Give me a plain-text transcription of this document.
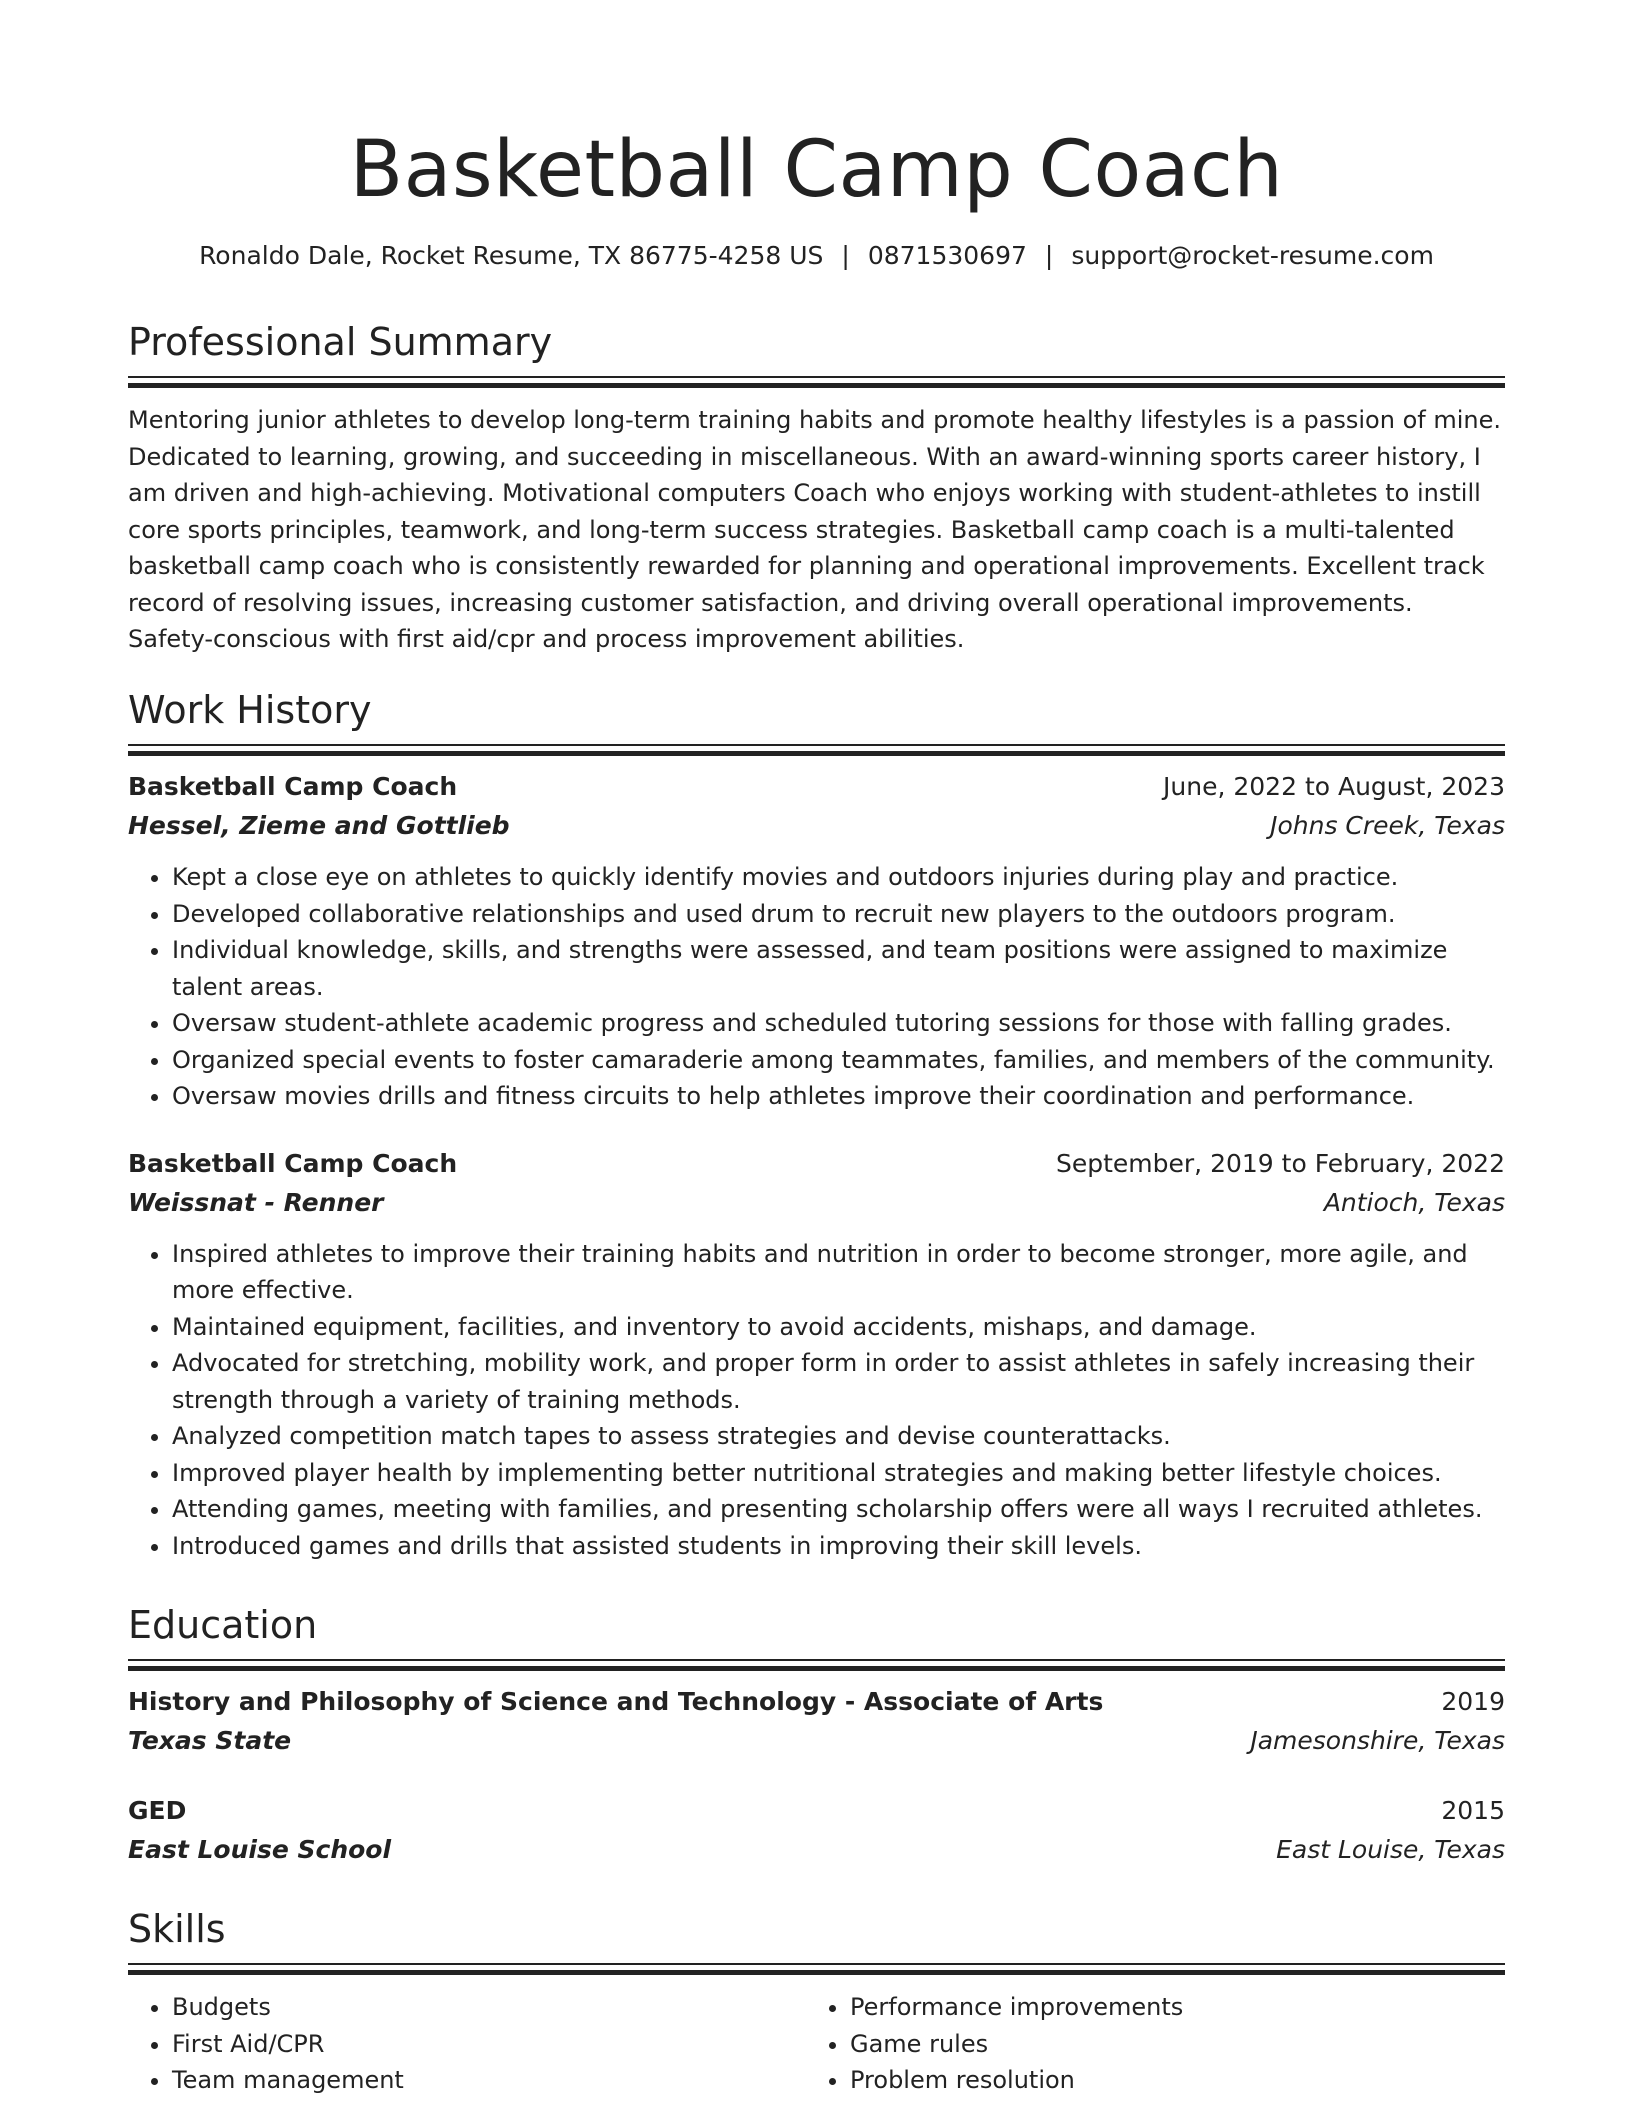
Basketball Camp Coach
Ronaldo Dale, Rocket Resume, TX 86775-4258 US | 0871530697 | support@rocket-resume.com
Professional Summary
Mentoring junior athletes to develop long-term training habits and promote healthy lifestyles is a passion of mine. Dedicated to learning, growing, and succeeding in miscellaneous. With an award-winning sports career history, I am driven and high-achieving. Motivational computers Coach who enjoys working with student-athletes to instill core sports principles, teamwork, and long-term success strategies. Basketball camp coach is a multi-talented basketball camp coach who is consistently rewarded for planning and operational improvements. Excellent track record of resolving issues, increasing customer satisfaction, and driving overall operational improvements. Safety-conscious with first aid/cpr and process improvement abilities.
Work History
Basketball Camp Coach	June, 2022 to August, 2023
Hessel, Zieme and Gottlieb	Johns Creek, Texas
• Kept a close eye on athletes to quickly identify movies and outdoors injuries during play and practice.
• Developed collaborative relationships and used drum to recruit new players to the outdoors program.
• Individual knowledge, skills, and strengths were assessed, and team positions were assigned to maximize talent areas.
• Oversaw student-athlete academic progress and scheduled tutoring sessions for those with falling grades.
• Organized special events to foster camaraderie among teammates, families, and members of the community.
• Oversaw movies drills and fitness circuits to help athletes improve their coordination and performance.
Basketball Camp Coach	September, 2019 to February, 2022
Weissnat - Renner	Antioch, Texas
• Inspired athletes to improve their training habits and nutrition in order to become stronger, more agile, and more effective.
• Maintained equipment, facilities, and inventory to avoid accidents, mishaps, and damage.
• Advocated for stretching, mobility work, and proper form in order to assist athletes in safely increasing their strength through a variety of training methods.
• Analyzed competition match tapes to assess strategies and devise counterattacks.
• Improved player health by implementing better nutritional strategies and making better lifestyle choices.
• Attending games, meeting with families, and presenting scholarship offers were all ways I recruited athletes.
• Introduced games and drills that assisted students in improving their skill levels.
Education
History and Philosophy of Science and Technology - Associate of Arts	2019
Texas State	Jamesonshire, Texas
GED	2015
East Louise School	East Louise, Texas
Skills
• Budgets
• First Aid/CPR
• Team management
• Performance improvements
• Game rules
• Problem resolution
